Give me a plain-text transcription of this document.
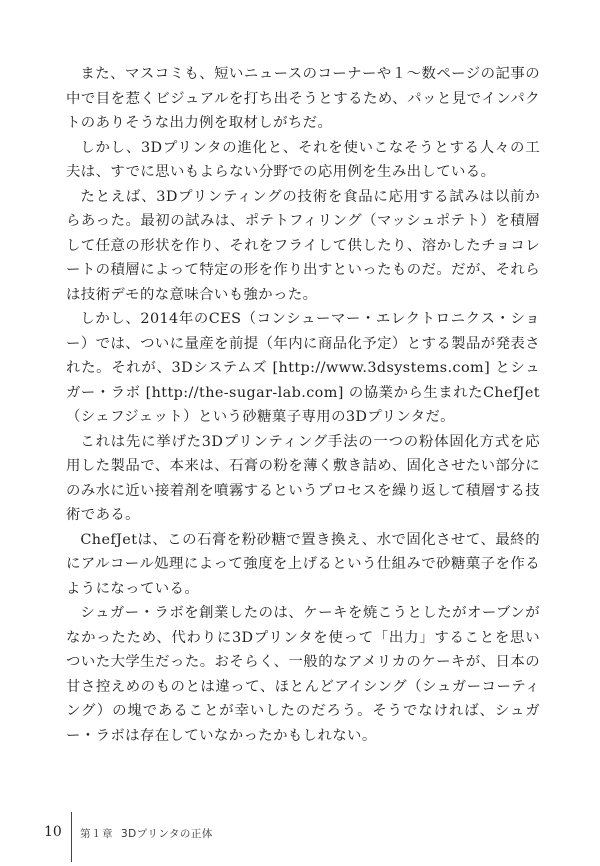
また、マスコミも、短いニュースのコーナーや１～数ページの記事の中で目を惹くビジュアルを打ち出そうとするため、パッと見でインパクトのありそうな出力例を取材しがちだ。

しかし、3Dプリンタの進化と、それを使いこなそうとする人々の工夫は、すでに思いもよらない分野での応用例を生み出している。

たとえば、3Dプリンティングの技術を食品に応用する試みは以前からあった。最初の試みは、ポテトフィリング（マッシュポテト）を積層して任意の形状を作り、それをフライして供したり、溶かしたチョコレートの積層によって特定の形を作り出すといったものだ。だが、それらは技術デモ的な意味合いも強かった。

しかし、2014年のCES（コンシューマー・エレクトロニクス・ショー）では、ついに量産を前提（年内に商品化予定）とする製品が発表された。それが、3Dシステムズ [http://www.3dsystems.com] とシュガー・ラボ [http://the-sugar-lab.com] の協業から生まれたChefJet（シェフジェット）という砂糖菓子専用の3Dプリンタだ。

これは先に挙げた3Dプリンティング手法の一つの粉体固化方式を応用した製品で、本来は、石膏の粉を薄く敷き詰め、固化させたい部分にのみ水に近い接着剤を噴霧するというプロセスを繰り返して積層する技術である。

ChefJetは、この石膏を粉砂糖で置き換え、水で固化させて、最終的にアルコール処理によって強度を上げるという仕組みで砂糖菓子を作るようになっている。

シュガー・ラボを創業したのは、ケーキを焼こうとしたがオーブンがなかったため、代わりに3Dプリンタを使って「出力」することを思いついた大学生だった。おそらく、一般的なアメリカのケーキが、日本の甘さ控えめのものとは違って、ほとんどアイシング（シュガーコーティング）の塊であることが幸いしたのだろう。そうでなければ、シュガー・ラボは存在していなかったかもしれない。

10 第１章 3Dプリンタの正体
